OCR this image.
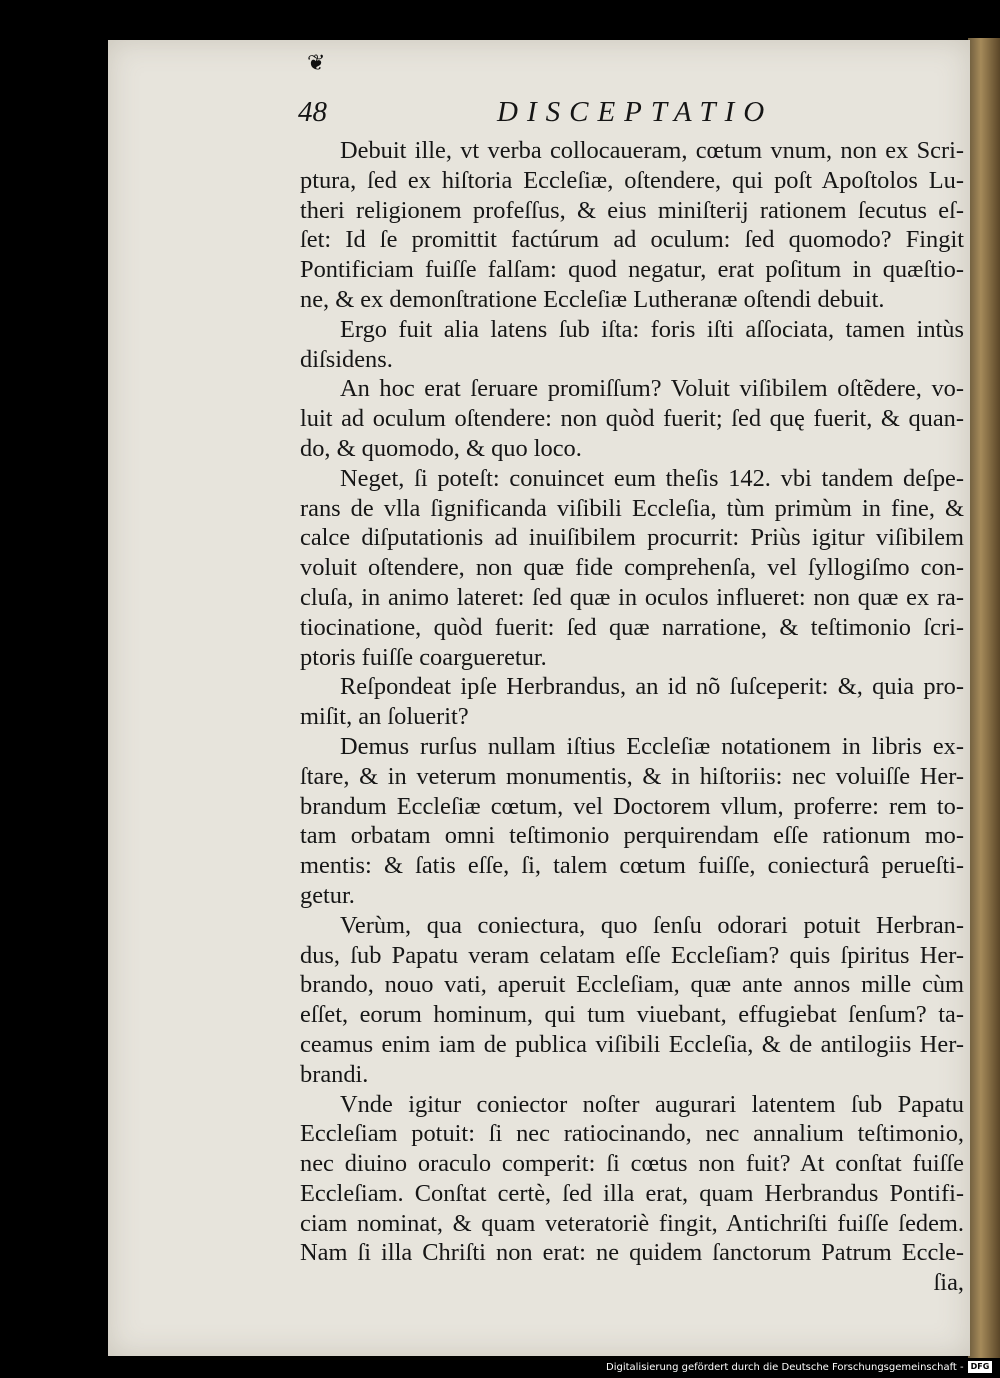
❦
48	DISCEPTATIO
Debuit ille, vt verba collocaueram, cœtum vnum, non ex Scri-
ptura, ſed ex hiſtoria Eccleſiæ, oſtendere, qui poſt Apoſtolos Lu-
theri religionem profeſſus, & eius miniſterij rationem ſecutus eſ-
ſet: Id ſe promittit factúrum ad oculum: ſed quomodo? Fingit
Pontificiam fuiſſe falſam: quod negatur, erat poſitum in quæſtio-
ne, & ex demonſtratione Eccleſiæ Lutheranæ oſtendi debuit.
Ergo fuit alia latens ſub iſta: foris iſti aſſociata, tamen intùs
diſsidens.
An hoc erat ſeruare promiſſum? Voluit viſibilem oſtẽdere, vo-
luit ad oculum oſtendere: non quòd fuerit; ſed quę fuerit, & quan-
do, & quomodo, & quo loco.
Neget, ſi poteſt: conuincet eum theſis 142. vbi tandem deſpe-
rans de vlla ſignificanda viſibili Eccleſia, tùm primùm in fine, &
calce diſputationis ad inuiſibilem procurrit: Priùs igitur viſibilem
voluit oſtendere, non quæ fide comprehenſa, vel ſyllogiſmo con-
cluſa, in animo lateret: ſed quæ in oculos influeret: non quæ ex ra-
tiocinatione, quòd fuerit: ſed quæ narratione, & teſtimonio ſcri-
ptoris fuiſſe coargueretur.
Reſpondeat ipſe Herbrandus, an id nõ ſuſceperit: &, quia pro-
miſit, an ſoluerit?
Demus rurſus nullam iſtius Eccleſiæ notationem in libris ex-
ſtare, & in veterum monumentis, & in hiſtoriis: nec voluiſſe Her-
brandum Eccleſiæ cœtum, vel Doctorem vllum, proferre: rem to-
tam orbatam omni teſtimonio perquirendam eſſe rationum mo-
mentis: & ſatis eſſe, ſi, talem cœtum fuiſſe, coniecturâ perueſti-
getur.
Verùm, qua coniectura, quo ſenſu odorari potuit Herbran-
dus, ſub Papatu veram celatam eſſe Eccleſiam? quis ſpiritus Her-
brando, nouo vati, aperuit Eccleſiam, quæ ante annos mille cùm
eſſet, eorum hominum, qui tum viuebant, effugiebat ſenſum? ta-
ceamus enim iam de publica viſibili Eccleſia, & de antilogiis Her-
brandi.
Vnde igitur coniector noſter augurari latentem ſub Papatu
Eccleſiam potuit: ſi nec ratiocinando, nec annalium teſtimonio,
nec diuino oraculo comperit: ſi cœtus non fuit? At conſtat fuiſſe
Eccleſiam. Conſtat certè, ſed illa erat, quam Herbrandus Pontifi-
ciam nominat, & quam veteratoriè fingit, Antichriſti fuiſſe ſedem.
Nam ſi illa Chriſti non erat: ne quidem ſanctorum Patrum Eccle-
ſia,
Digitalisierung gefördert durch die Deutsche Forschungsgemeinschaft - DFG
